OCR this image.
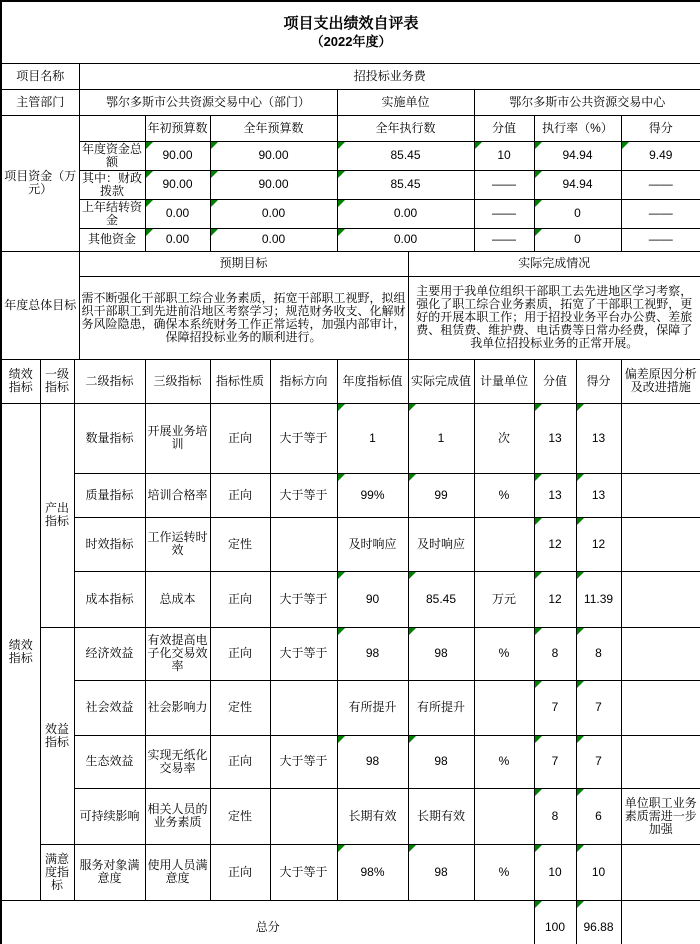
项目支出绩效自评表
（2022年度）												

项目名称			招投标业务费									
主管部门			鄂尔多斯市公共资源交易中心（部门）				实施单位		鄂尔多斯市公共资源交易中心			
项目资金（万元）				年初预算数	全年预算数		全年执行数		分值	执行率（%）		得分
			年度资金总额	90.00	90.00		85.45		10	94.94		9.49
			其中：财政拨款	90.00	90.00		85.45		——	94.94		——
			上年结转资金	0.00	0.00		0.00		——	0		——
			其他资金	0.00	0.00		0.00		——	0		——
年度总体目标			预期目标					实际完成情况				
			需不断强化干部职工综合业务素质，拓宽干部职工视野，拟组织干部职工到先进前沿地区考察学习；规范财务收支、化解财务风险隐患，确保本系统财务工作正常运转，加强内部审计，保障招投标业务的顺利进行。					主要用于我单位组织干部职工去先进地区学习考察，强化了职工综合业务素质，拓宽了干部职工视野，更好的开展本职工作；用于招投业务平台办公费、差旅费、租赁费、维护费、电话费等日常办经费，保障了我单位招投标业务的正常开展。				
绩效指标	一级指标	二级指标		三级指标	指标性质	指标方向	年度指标值	实际完成值	计量单位	分值	得分	偏差原因分析及改进措施
绩效指标	产出指标	数量指标		开展业务培训	正向	大于等于	1	1	次	13	13	
		质量指标		培训合格率	正向	大于等于	99%	99	%	13	13	
		时效指标		工作运转时效	定性		及时响应	及时响应		12	12	
		成本指标		总成本	正向	大于等于	90	85.45	万元	12	11.39	
	效益指标	经济效益		有效提高电子化交易效率	正向	大于等于	98	98	%	8	8	
		社会效益		社会影响力	定性		有所提升	有所提升		7	7	
		生态效益		实现无纸化交易率	正向	大于等于	98	98	%	7	7	
		可持续影响		相关人员的业务素质	定性		长期有效	长期有效		8	6	单位职工业务素质需进一步加强
	满意度指标	服务对象满意度		使用人员满意度	正向	大于等于	98%	98	%	10	10	
总分										100	96.88	
